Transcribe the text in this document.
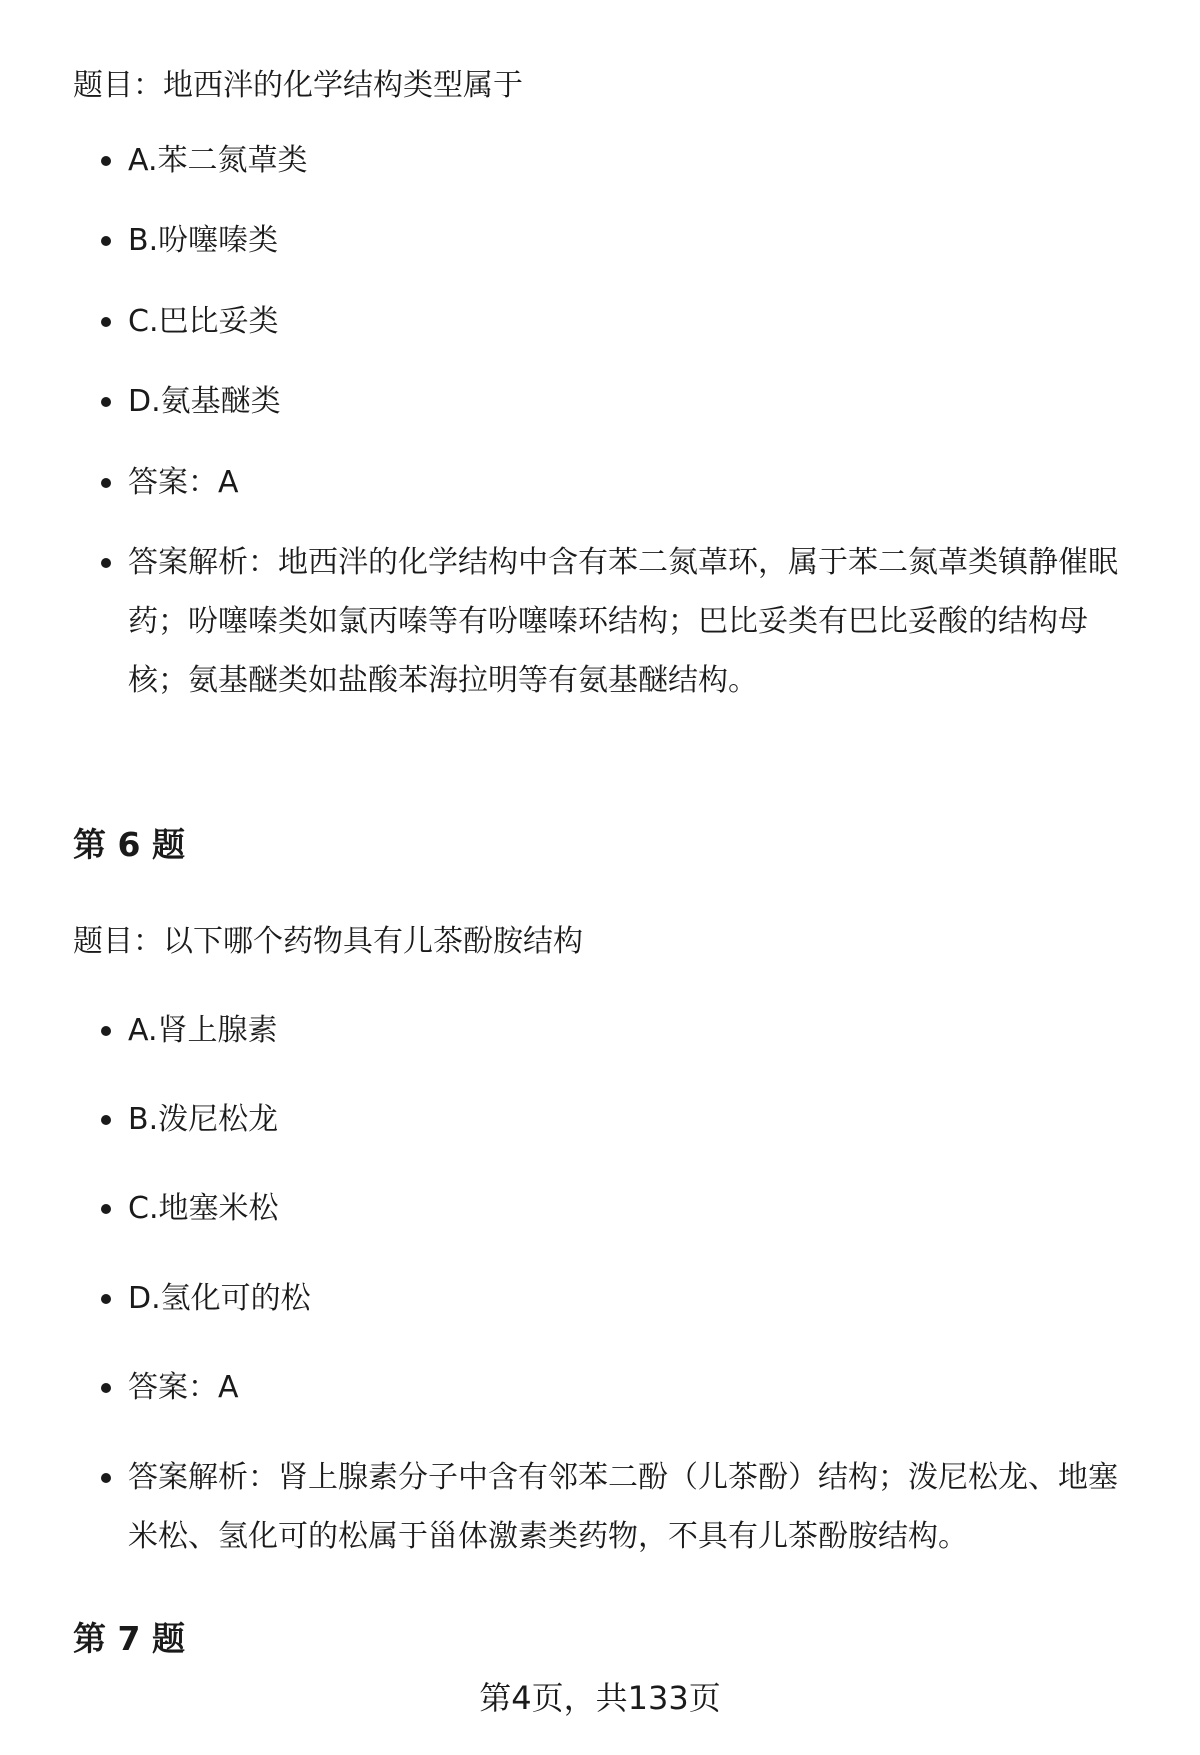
题目：地西泮的化学结构类型属于
A.苯二氮䓬类
B.吩噻嗪类
C.巴比妥类
D.氨基醚类
答案：A
答案解析：地西泮的化学结构中含有苯二氮䓬环，属于苯二氮䓬类镇静催眠药；吩噻嗪类如氯丙嗪等有吩噻嗪环结构；巴比妥类有巴比妥酸的结构母核；氨基醚类如盐酸苯海拉明等有氨基醚结构。
第 6 题
题目：以下哪个药物具有儿茶酚胺结构
A.肾上腺素
B.泼尼松龙
C.地塞米松
D.氢化可的松
答案：A
答案解析：肾上腺素分子中含有邻苯二酚（儿茶酚）结构；泼尼松龙、地塞米松、氢化可的松属于甾体激素类药物，不具有儿茶酚胺结构。
第 7 题
第4页，共133页
